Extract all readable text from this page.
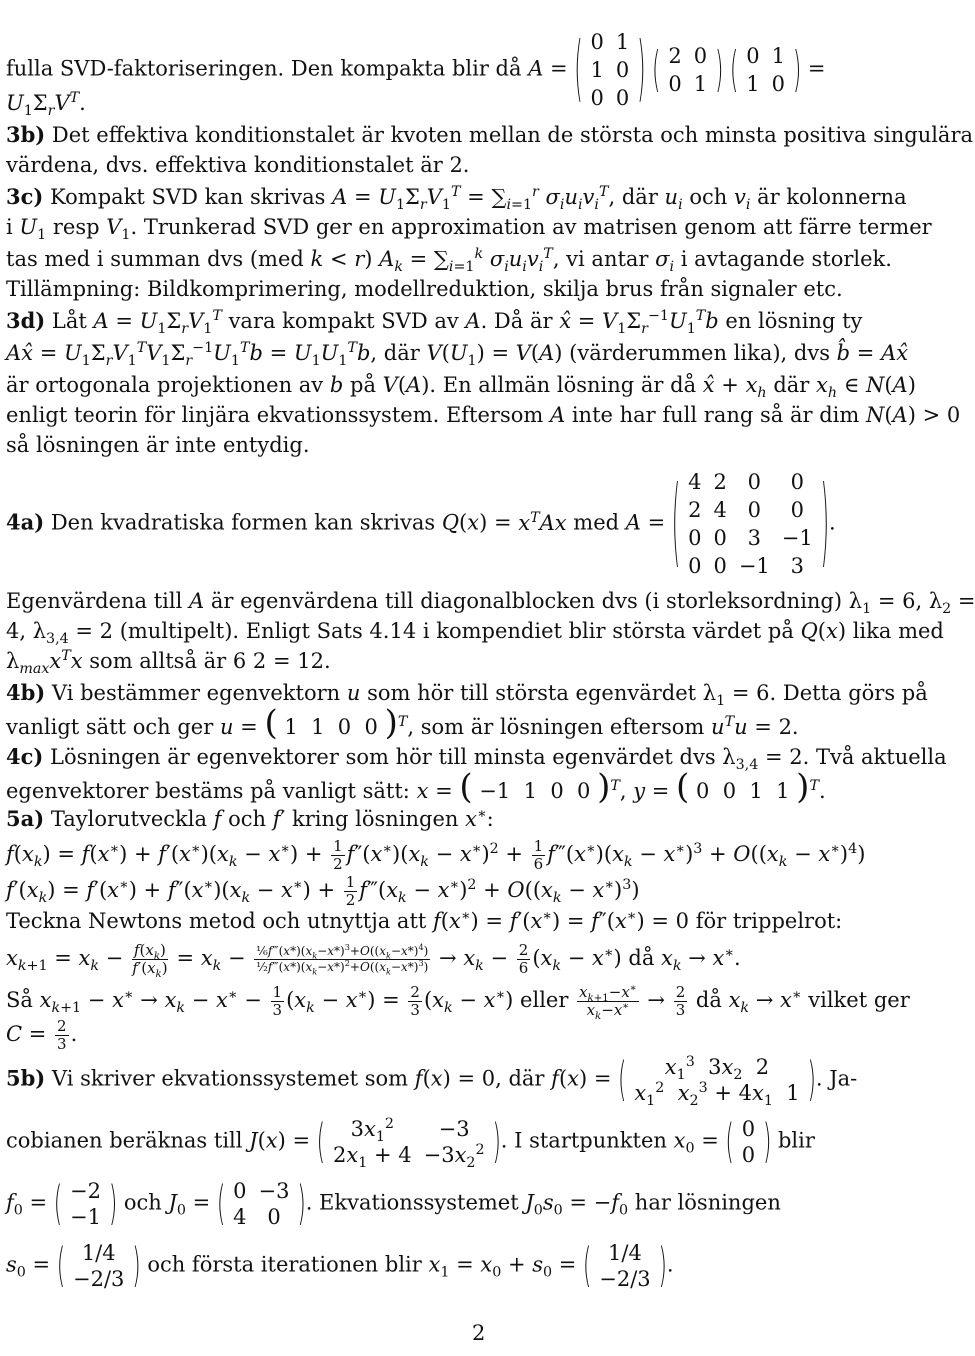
fulla SVD-faktoriseringen. Den kompakta blir då A = ( 0	1
1	0
0	0 )
( 2	0
0	1 )
( 0	1
1	0 ) =
$U_1\Sigma_rV^T$.
3b) Det effektiva konditionstalet är kvoten mellan de största och minsta positiva singulära
värdena, dvs. effektiva konditionstalet är 2.
3c) Kompakt SVD kan skrivas $A = U_1\Sigma_rV_1^T = \sum_{i=1}^r$ $\sigma_iu_iv_i^T$, där $u_i$ och $v_i$ är kolonnerna
i $U_1$ resp $V_1$. Trunkerad SVD ger en approximation av matrisen genom att färre termer
tas med i summan dvs (med k < r) $A_k = \sum_{i=1}^k$ $\sigma_iu_iv_i^T$, vi antar $\sigma_i$ i avtagande storlek.
Tillämpning: Bildkomprimering, modellreduktion, skilja brus från signaler etc.
3d) Låt $A = U_1\Sigma_rV_1^T$ vara kompakt SVD av A. Då är x̂ = $V_1\Sigma_r^{-1}U_1^Tb$ en lösning ty
Ax̂ = $U_1\Sigma_rV_1^TV_1\Sigma_r^{-1}U_1^Tb = U_1U_1^Tb$, där $V(U_1) = V(A)$ (värderummen lika), dvs b̂ = Ax̂
är ortogonala projektionen av b på V(A). En allmän lösning är då x̂ + $x_h$ där $x_h$ ∈ N(A)
enligt teorin för linjära ekvationssystem. Eftersom A inte har full rang så är dim N(A) > 0
så lösningen är inte entydig.
4a) Den kvadratiska formen kan skrivas $Q(x) = x^TAx$ med A = ( 4	2	0	0
2	4	0	0
0	0	3	−1
0	0	−1	3 ) .
Egenvärdena till A är egenvärdena till diagonalblocken dvs (i storleksordning) $\lambda_1 = 6$, $\lambda_2$ =
4, $\lambda_{3,4} = 2$ (multipelt). Enligt Sats 4.14 i kompendiet blir största värdet på Q(x) lika med
$\lambda_{max}x^Tx$ som alltså är 6 2 = 12.
4b) Vi bestämmer egenvektorn u som hör till största egenvärdet $\lambda_1 = 6$. Detta görs på
vanligt sätt och ger u = ( 1  1  0  0 )$^T$, som är lösningen eftersom $u^Tu = 2$.
4c) Lösningen är egenvektorer som hör till minsta egenvärdet dvs $\lambda_{3,4} = 2$. Två aktuella
egenvektorer bestäms på vanligt sätt: x = ( −1  1  0  0 )$^T$, y = ( 0  0  1  1 )$^T$.
5a) Taylorutveckla f och f′ kring lösningen x∗:
$f(x_k) = f(x^∗) + f'(x^∗)(x_k - x^∗) + \frac{1}{2} f''(x^∗)(x_k - x^∗)^2 + \frac{1}{6}$ $f‴(x^∗)(x_k - x^∗)^3 + O((x_k - x^∗)^4)$
$f'(x_k) = f'(x^∗) + f''(x^∗)(x_k - x^∗) + \frac{1}{2}$ $f‴(x_k - x^∗)^2 + O((x_k - x^∗)^3)$
Teckna Newtons metod och utnyttja att f(x∗) = f′(x∗) = f″(x∗) = 0 för trippelrot:
$x_{k+1} = x_k - \frac{f(x_k)}{f'(x_k)} = x_k - \frac{\frac{1}{6}f‴(x*)(x_k-x*)^3+O((x_k-x*)^4)}{\frac{1}{2}f‴(x*)(x_k-x*)^2+O((x_k-x*)^3)} \to x_k - \frac{2}{6} (x_k - x^∗)$ då $x_k \to x^∗$.
Så $x_{k+1} - x^∗ \to x_k - x^∗ - \frac{1}{3} (x_k - x^∗) = \frac{2}{3} (x_k - x^∗)$ eller $\frac{x_{k+1}-x^∗}{x_k-x^∗} \to \frac{2}{3}$ då $x_k \to x^∗$ vilket ger
$C = \frac{2}{3}$ .
5b) Vi skriver ekvationssystemet som f(x) = 0, där f(x) = ( $x_1^3$  $3x_2$  2
$x_1^2$ $x_2^3 + 4x_1$  1 ) . Ja-
cobianen beräknas till J(x) = ( $3x_1^2$	−3
$2x_1 + 4$	$-3x_2^2$ ) . I startpunkten $x_0$ = ( 0
0 ) blir
$f_0$ = ( −2
−1 ) och $J_0$ = ( 0	−3
4	0 ) . Ekvationssystemet $J_0s_0 = -f_0$ har lösningen
$s_0$ = ( 1/4
−2/3 ) och första iterationen blir $x_1 = x_0 + s_0$ = ( 1/4
−2/3 ) .
2
